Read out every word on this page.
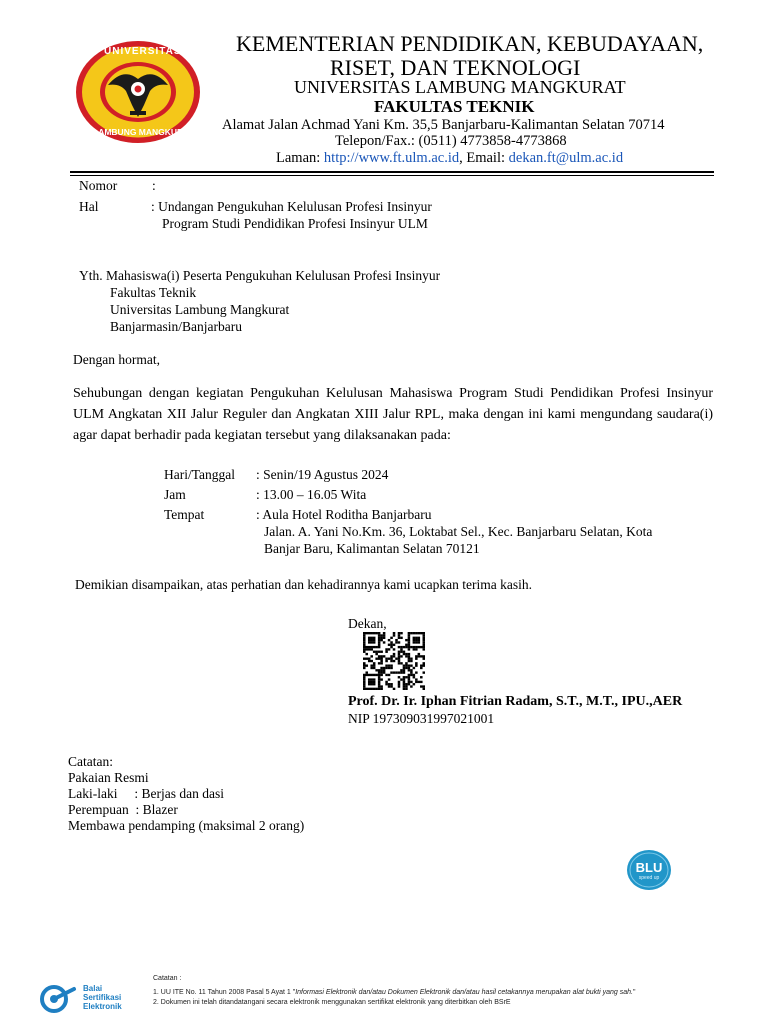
UNIVERSITAS
LAMBUNG MANGKURAT
KEMENTERIAN PENDIDIKAN, KEBUDAYAAN,
RISET, DAN TEKNOLOGI
UNIVERSITAS LAMBUNG MANGKURAT
FAKULTAS TEKNIK
Alamat Jalan Achmad Yani Km. 35,5 Banjarbaru-Kalimantan Selatan 70714
Telepon/Fax.: (0511) 4773858-4773868
Laman: http://www.ft.ulm.ac.id, Email: dekan.ft@ulm.ac.id
Nomor	:
Hal	: Undangan Pengukuhan Kelulusan Profesi Insinyur
Program Studi Pendidikan Profesi Insinyur ULM
Yth. Mahasiswa(i) Peserta Pengukuhan Kelulusan Profesi Insinyur
Fakultas Teknik
Universitas Lambung Mangkurat
Banjarmasin/Banjarbaru
Dengan hormat,
Sehubungan dengan kegiatan Pengukuhan Kelulusan Mahasiswa Program Studi Pendidikan Profesi Insinyur ULM Angkatan XII Jalur Reguler dan Angkatan XIII Jalur RPL, maka dengan ini kami mengundang saudara(i) agar dapat berhadir pada kegiatan tersebut yang dilaksanakan pada:
Hari/Tanggal : Senin/19 Agustus 2024
Jam	: 13.00 – 16.05 Wita
Tempat	: Aula Hotel Roditha Banjarbaru
Jalan. A. Yani No.Km. 36, Loktabat Sel., Kec. Banjarbaru Selatan, Kota
Banjar Baru, Kalimantan Selatan 70121
Demikian disampaikan, atas perhatian dan kehadirannya kami ucapkan terima kasih.
Dekan,
Prof. Dr. Ir. Iphan Fitrian Radam, S.T., M.T., IPU.,AER
NIP 197309031997021001
Catatan:
Pakaian Resmi
Laki-laki     : Berjas dan dasi
Perempuan  : Blazer
Membawa pendamping (maksimal 2 orang)
BLU
speed up
Balai
Sertifikasi
Elektronik
Catatan :
1. UU ITE No. 11 Tahun 2008 Pasal 5 Ayat 1 "Informasi Elektronik dan/atau Dokumen Elektronik dan/atau hasil cetakannya merupakan alat bukti yang sah."
2. Dokumen ini telah ditandatangani secara elektronik menggunakan sertifikat elektronik yang diterbitkan oleh BSrE
